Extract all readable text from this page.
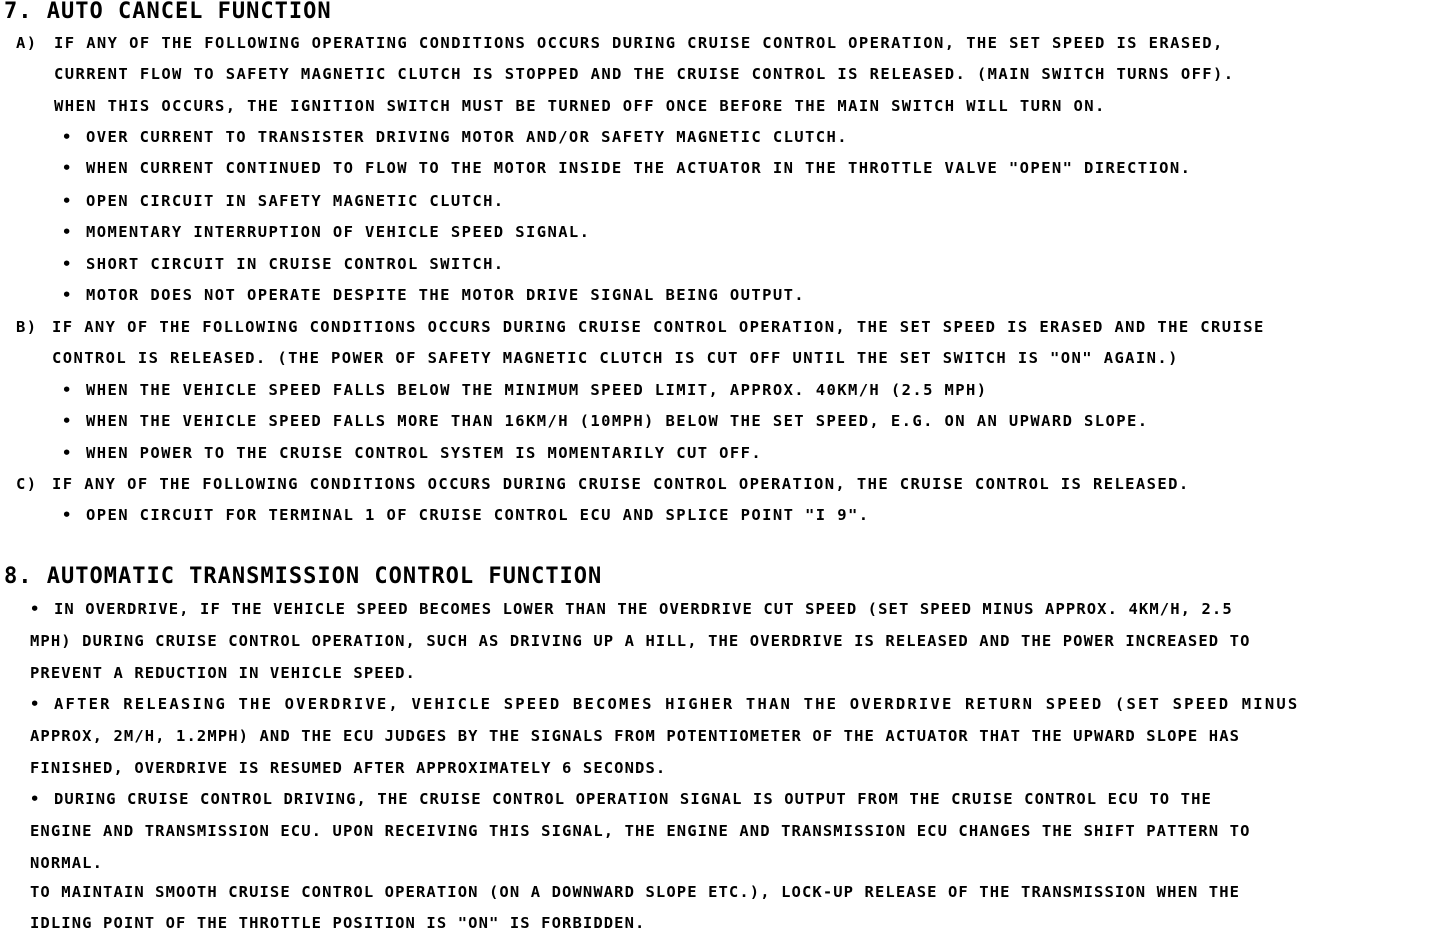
7. AUTO CANCEL FUNCTION
A) IF ANY OF THE FOLLOWING OPERATING CONDITIONS OCCURS DURING CRUISE CONTROL OPERATION, THE SET SPEED IS ERASED,
CURRENT FLOW TO SAFETY MAGNETIC CLUTCH IS STOPPED AND THE CRUISE CONTROL IS RELEASED. (MAIN SWITCH TURNS OFF).
WHEN THIS OCCURS, THE IGNITION SWITCH MUST BE TURNED OFF ONCE BEFORE THE MAIN SWITCH WILL TURN ON.
• OVER CURRENT TO TRANSISTER DRIVING MOTOR AND/OR SAFETY MAGNETIC CLUTCH.
• WHEN CURRENT CONTINUED TO FLOW TO THE MOTOR INSIDE THE ACTUATOR IN THE THROTTLE VALVE "OPEN" DIRECTION.
• OPEN CIRCUIT IN SAFETY MAGNETIC CLUTCH.
• MOMENTARY INTERRUPTION OF VEHICLE SPEED SIGNAL.
• SHORT CIRCUIT IN CRUISE CONTROL SWITCH.
• MOTOR DOES NOT OPERATE DESPITE THE MOTOR DRIVE SIGNAL BEING OUTPUT.
B) IF ANY OF THE FOLLOWING CONDITIONS OCCURS DURING CRUISE CONTROL OPERATION, THE SET SPEED IS ERASED AND THE CRUISE
CONTROL IS RELEASED. (THE POWER OF SAFETY MAGNETIC CLUTCH IS CUT OFF UNTIL THE SET SWITCH IS "ON" AGAIN.)
• WHEN THE VEHICLE SPEED FALLS BELOW THE MINIMUM SPEED LIMIT, APPROX. 40KM/H (2.5 MPH)
• WHEN THE VEHICLE SPEED FALLS MORE THAN 16KM/H (10MPH) BELOW THE SET SPEED, E.G. ON AN UPWARD SLOPE.
• WHEN POWER TO THE CRUISE CONTROL SYSTEM IS MOMENTARILY CUT OFF.
C) IF ANY OF THE FOLLOWING CONDITIONS OCCURS DURING CRUISE CONTROL OPERATION, THE CRUISE CONTROL IS RELEASED.
• OPEN CIRCUIT FOR TERMINAL 1 OF CRUISE CONTROL ECU AND SPLICE POINT "I 9".
8. AUTOMATIC TRANSMISSION CONTROL FUNCTION
• IN OVERDRIVE, IF THE VEHICLE SPEED BECOMES LOWER THAN THE OVERDRIVE CUT SPEED (SET SPEED MINUS APPROX. 4KM/H, 2.5
MPH) DURING CRUISE CONTROL OPERATION, SUCH AS DRIVING UP A HILL, THE OVERDRIVE IS RELEASED AND THE POWER INCREASED TO
PREVENT A REDUCTION IN VEHICLE SPEED.
• AFTER RELEASING THE OVERDRIVE, VEHICLE SPEED BECOMES HIGHER THAN THE OVERDRIVE RETURN SPEED (SET SPEED MINUS
APPROX, 2M/H, 1.2MPH) AND THE ECU JUDGES BY THE SIGNALS FROM POTENTIOMETER OF THE ACTUATOR THAT THE UPWARD SLOPE HAS
FINISHED, OVERDRIVE IS RESUMED AFTER APPROXIMATELY 6 SECONDS.
• DURING CRUISE CONTROL DRIVING, THE CRUISE CONTROL OPERATION SIGNAL IS OUTPUT FROM THE CRUISE CONTROL ECU TO THE
ENGINE AND TRANSMISSION ECU. UPON RECEIVING THIS SIGNAL, THE ENGINE AND TRANSMISSION ECU CHANGES THE SHIFT PATTERN TO
NORMAL.
TO MAINTAIN SMOOTH CRUISE CONTROL OPERATION (ON A DOWNWARD SLOPE ETC.), LOCK-UP RELEASE OF THE TRANSMISSION WHEN THE
IDLING POINT OF THE THROTTLE POSITION IS "ON" IS FORBIDDEN.
